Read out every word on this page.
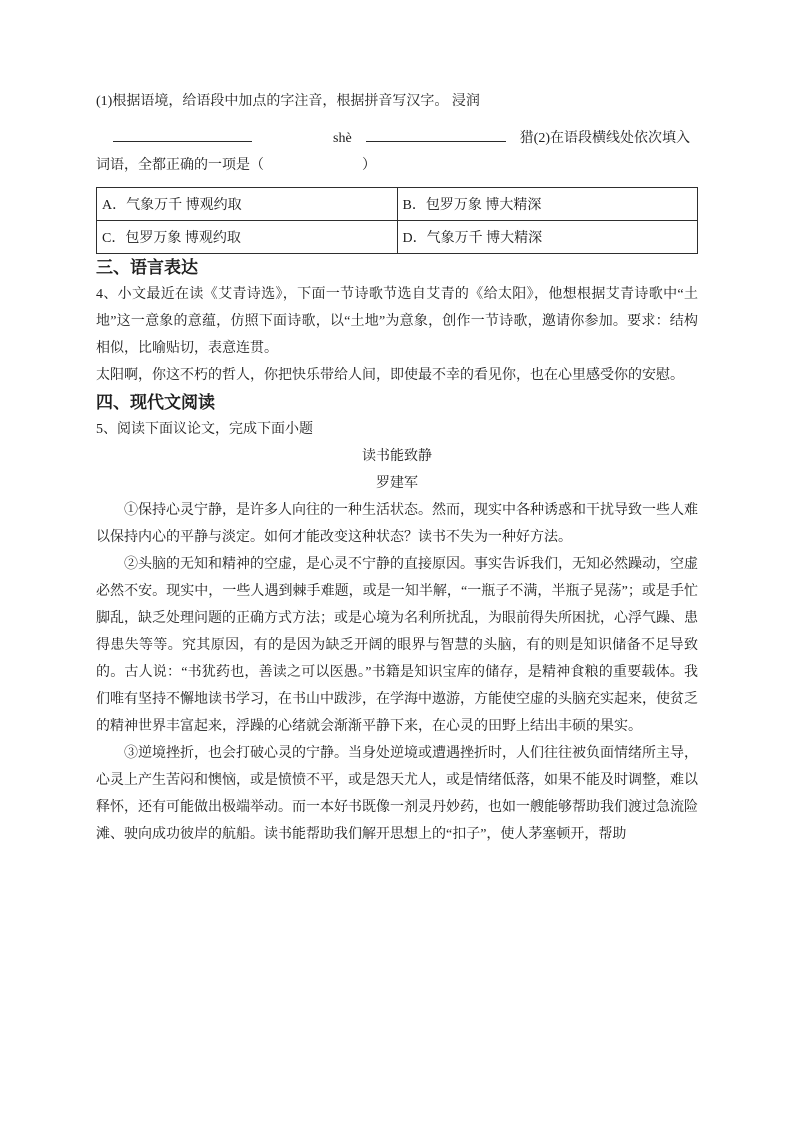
(1)根据语境，给语段中加点的字注音，根据拼音写汉字。 浸润

shè	猎(2)在语段横线处依次填入

词语，全都正确的一项是（　　　　　　　）

A．气象万千 博观约取	B．包罗万象 博大精深
C．包罗万象 博观约取	D．气象万千 博大精深
三、语言表达

4、小文最近在读《艾青诗选》，下面一节诗歌节选自艾青的《给太阳》，他想根据艾青诗歌中“土地”这一意象的意蕴，仿照下面诗歌，以“土地”为意象，创作一节诗歌，邀请你参加。要求：结构相似，比喻贴切，表意连贯。

太阳啊，你这不朽的哲人，你把快乐带给人间，即使最不幸的看见你，也在心里感受你的安慰。

四、现代文阅读

5、阅读下面议论文，完成下面小题

读书能致静

罗建军

①保持心灵宁静，是许多人向往的一种生活状态。然而，现实中各种诱惑和干扰导致一些人难以保持内心的平静与淡定。如何才能改变这种状态？读书不失为一种好方法。

②头脑的无知和精神的空虚，是心灵不宁静的直接原因。事实告诉我们，无知必然躁动，空虚必然不安。现实中，一些人遇到棘手难题，或是一知半解，“一瓶子不满，半瓶子晃荡”；或是手忙脚乱，缺乏处理问题的正确方式方法；或是心境为名利所扰乱，为眼前得失所困扰，心浮气躁、患得患失等等。究其原因，有的是因为缺乏开阔的眼界与智慧的头脑，有的则是知识储备不足导致的。古人说：“书犹药也，善读之可以医愚。”书籍是知识宝库的储存，是精神食粮的重要载体。我们唯有坚持不懈地读书学习，在书山中跋涉，在学海中遨游，方能使空虚的头脑充实起来，使贫乏的精神世界丰富起来，浮躁的心绪就会渐渐平静下来，在心灵的田野上结出丰硕的果实。

③逆境挫折，也会打破心灵的宁静。当身处逆境或遭遇挫折时，人们往往被负面情绪所主导，心灵上产生苦闷和懊恼，或是愤愤不平，或是怨天尤人，或是情绪低落，如果不能及时调整，难以释怀，还有可能做出极端举动。而一本好书既像一剂灵丹妙药，也如一艘能够帮助我们渡过急流险滩、驶向成功彼岸的航船。读书能帮助我们解开思想上的“扣子”，使人茅塞顿开，帮助
